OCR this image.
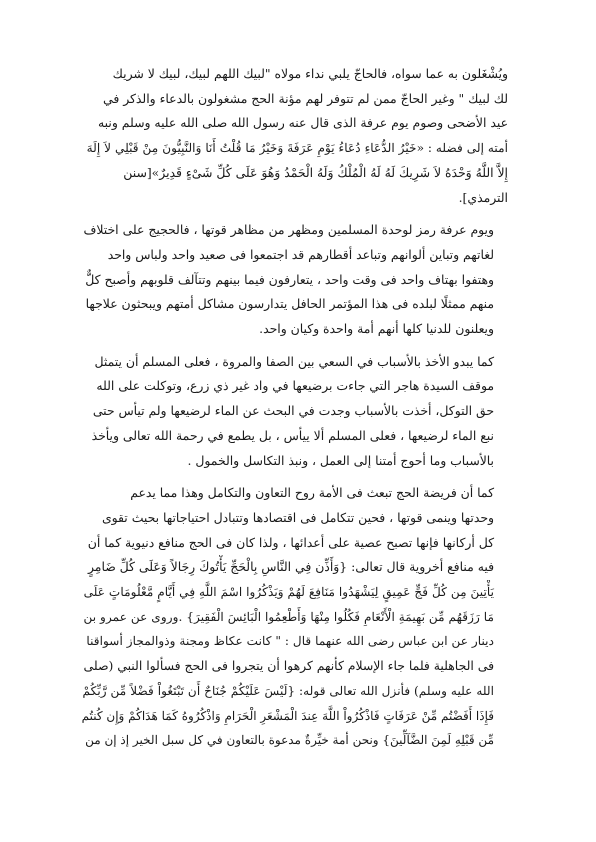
ويُشْغَلون به عما سواه، فالحاجّ يلبي نداء مولاه "لبيك اللهم لبيك، لبيك لا شريك
لك لبيك " وغير الحاجّ ممن لم تتوفر لهم مؤنة الحج مشغولون بالدعاء والذكر في
عيد الأضحى وصوم يوم عرفة الذى قال عنه رسول الله صلى الله عليه وسلم ونبه
أمته إلى فضله : «خَيْرُ الدُّعَاءِ دُعَاءُ يَوْمِ عَرَفَةَ وَخَيْرُ مَا قُلْتُ أَنَا وَالنَّبِيُّونَ مِنْ قَبْلِي لاَ إِلَهَ
إِلاَّ اللَّهُ وَحْدَهُ لاَ شَرِيكَ لَهُ لَهُ الْمُلْكُ وَلَهُ الْحَمْدُ وَهُوَ عَلَى كُلِّ شَىْءٍ قَدِيرٌ»[سنن
الترمذي].

ويوم عرفة رمز لوحدة المسلمين ومظهر من مظاهر قوتها ، فالحجيج على اختلاف
لغاتهم وتباين ألوانهم وتباعد أقطارهم قد اجتمعوا فى صعيد واحد ولباس واحد
وهتفوا بهتاف واحد فى وقت واحد ، يتعارفون فيما بينهم وتتآلف قلوبهم وأصبح كلٌّ
منهم ممثلًا لبلده فى هذا المؤتمر الحافل يتدارسون مشاكل أمتهم ويبحثون علاجها
ويعلنون للدنيا كلها أنهم أمة واحدة وكيان واحد.

كما يبدو الأخذ بالأسباب في السعي بين الصفا والمروة ، فعلى المسلم أن يتمثل
موقف السيدة هاجر التي جاءت برضيعها في واد غير ذي زرع، وتوكلت على الله
حق التوكل، أخذت بالأسباب وجدت في البحث عن الماء لرضيعها ولم تيأس حتى
نبع الماء لرضيعها ، فعلى المسلم ألا ييأس ، بل يطمع في رحمة الله تعالى ويأخذ
بالأسباب وما أحوج أمتنا إلى العمل ، ونبذ التكاسل والخمول .

كما أن فريضة الحج تبعث فى الأمة روح التعاون والتكامل وهذا مما يدعم
وحدتها وينمى قوتها ، فحين تتكامل فى اقتصادها وتتبادل احتياجاتها بحيث تقوى
كل أركانها فإنها تصبح عصية على أعدائها ، ولذا كان فى الحج منافع دنيوية كما أن
فيه منافع أخروية قال تعالى: {وَأَذِّن فِي النَّاسِ بِالْحَجِّ يَأْتُوكَ رِجَالاً وَعَلَى كُلِّ ضَامِرٍ
يَأْتِينَ مِن كُلِّ فَجٍّ عَمِيقٍ لِيَشْهَدُوا مَنَافِعَ لَهُمْ وَيَذْكُرُوا اسْمَ اللَّهِ فِي أَيَّامٍ مَّعْلُومَاتٍ عَلَى
مَا رَزَقَهُم مِّن بَهِيمَةِ الْأَنْعَامِ فَكُلُوا مِنْهَا وَأَطْعِمُوا الْبَائِسَ الْفَقِيرَ} .وروى عن عمرو بن
دينار عن ابن عباس رضى الله عنهما قال : " كانت عكاظ ومجنة وذوالمجاز أسواقنا
فى الجاهلية فلما جاء الإسلام كأنهم كرهوا أن يتجروا فى الحج فسألوا النبي (صلى
الله عليه وسلم) فأنزل الله تعالى قوله: {لَيْسَ عَلَيْكُمْ جُنَاحٌ أَن تَبْتَغُواْ فَضْلاً مِّن رَّبِّكُمْ
فَإِذَا أَفَضْتُم مِّنْ عَرَفَاتٍ فَاذْكُرُواْ اللَّهَ عِندَ الْمَشْعَرِ الْحَرَامِ وَاذْكُرُوهُ كَمَا هَدَاكُمْ وَإِن كُنتُم
مِّن قَبْلِهِ لَمِنَ الضَّآلِّينَ} ونحن أمة خيِّرةٌ مدعوة بالتعاون في كل سبل الخير إذ إن من
